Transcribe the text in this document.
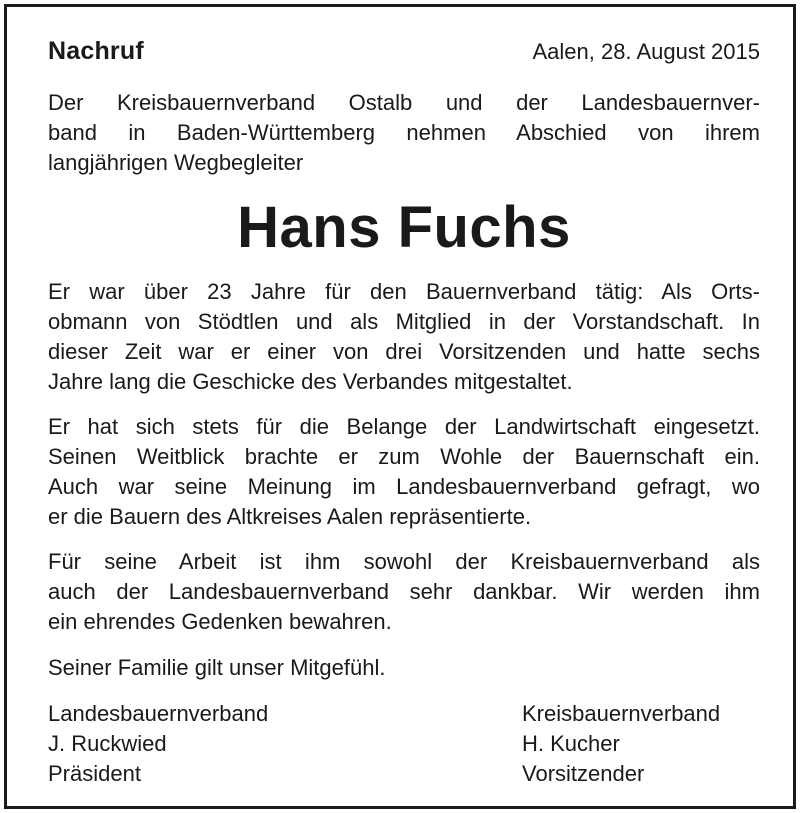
Nachruf	Aalen, 28. August 2015

Der Kreisbauernverband Ostalb und der Landesbauernver-
band in Baden-Württemberg nehmen Abschied von ihrem
langjährigen Wegbegleiter

Hans Fuchs

Er war über 23 Jahre für den Bauernverband tätig: Als Orts-
obmann von Stödtlen und als Mitglied in der Vorstandschaft. In
dieser Zeit war er einer von drei Vorsitzenden und hatte sechs
Jahre lang die Geschicke des Verbandes mitgestaltet.

Er hat sich stets für die Belange der Landwirtschaft eingesetzt.
Seinen Weitblick brachte er zum Wohle der Bauernschaft ein.
Auch war seine Meinung im Landesbauernverband gefragt, wo
er die Bauern des Altkreises Aalen repräsentierte.

Für seine Arbeit ist ihm sowohl der Kreisbauernverband als
auch der Landesbauernverband sehr dankbar. Wir werden ihm
ein ehrendes Gedenken bewahren.

Seiner Familie gilt unser Mitgefühl.

Landesbauernverband
J. Ruckwied
Präsident
Kreisbauernverband
H. Kucher
Vorsitzender
